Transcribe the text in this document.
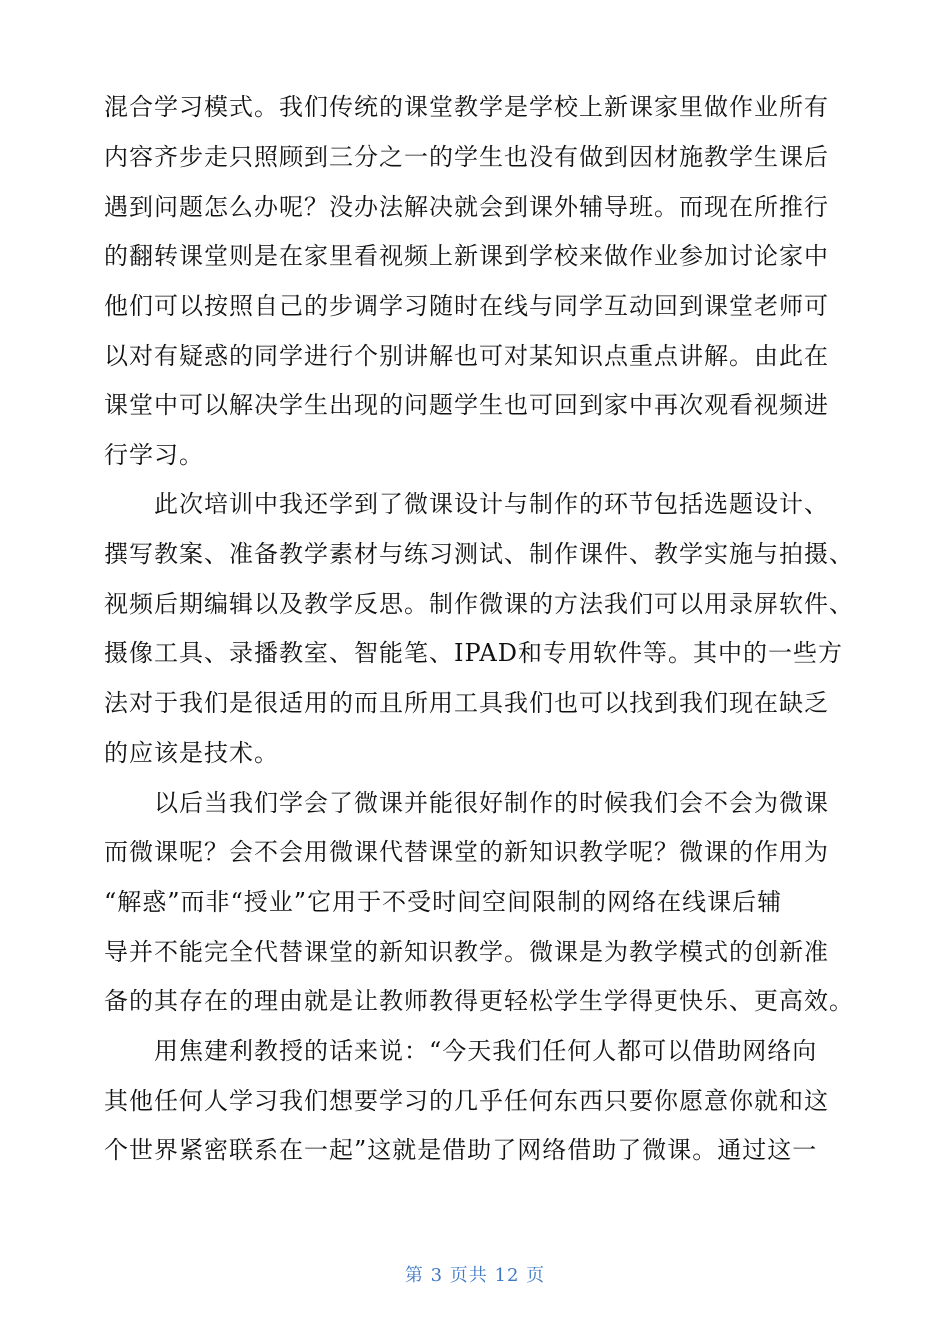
混合学习模式。我们传统的课堂教学是学校上新课家里做作业所有
内容齐步走只照顾到三分之一的学生也没有做到因材施教学生课后
遇到问题怎么办呢？没办法解决就会到课外辅导班。而现在所推行
的翻转课堂则是在家里看视频上新课到学校来做作业参加讨论家中
他们可以按照自己的步调学习随时在线与同学互动回到课堂老师可
以对有疑惑的同学进行个别讲解也可对某知识点重点讲解。由此在
课堂中可以解决学生出现的问题学生也可回到家中再次观看视频进
行学习。
　　此次培训中我还学到了微课设计与制作的环节包括选题设计、
撰写教案、准备教学素材与练习测试、制作课件、教学实施与拍摄、
视频后期编辑以及教学反思。制作微课的方法我们可以用录屏软件、
摄像工具、录播教室、智能笔、IPAD和专用软件等。其中的一些方
法对于我们是很适用的而且所用工具我们也可以找到我们现在缺乏
的应该是技术。
　　以后当我们学会了微课并能很好制作的时候我们会不会为微课
而微课呢？会不会用微课代替课堂的新知识教学呢？微课的作用为
“解惑”而非“授业”它用于不受时间空间限制的网络在线课后辅
导并不能完全代替课堂的新知识教学。微课是为教学模式的创新准
备的其存在的理由就是让教师教得更轻松学生学得更快乐、更高效。
　　用焦建利教授的话来说：“今天我们任何人都可以借助网络向
其他任何人学习我们想要学习的几乎任何东西只要你愿意你就和这
个世界紧密联系在一起”这就是借助了网络借助了微课。通过这一
第 3 页共 12 页
